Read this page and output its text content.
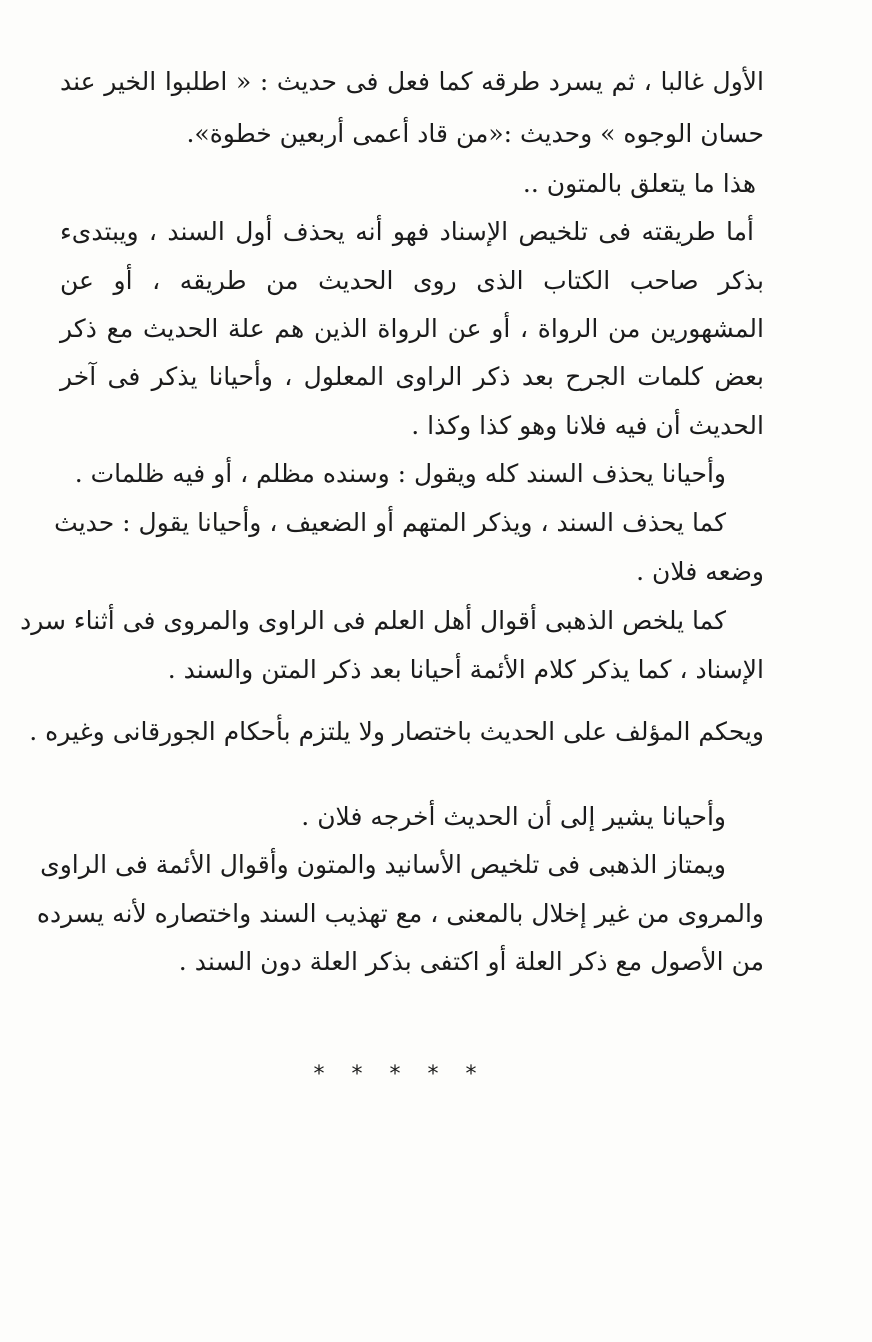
الأول غالبا ، ثم يسرد طرقه كما فعل فى حديث : « اطلبوا الخير عند
حسان الوجوه » وحديث :«من قاد أعمى أربعين خطوة».
هذا ما يتعلق بالمتون ..
أما طريقته فى تلخيص الإسناد فهو أنه يحذف أول السند ، ويبتدىء
بذكر صاحب الكتاب الذى روى الحديث من طريقه ، أو عن
المشهورين من الرواة ، أو عن الرواة الذين هم علة الحديث مع ذكر
بعض كلمات الجرح بعد ذكر الراوى المعلول ، وأحيانا يذكر فى آخر
الحديث أن فيه فلانا وهو كذا وكذا .
وأحيانا يحذف السند كله ويقول : وسنده مظلم ، أو فيه ظلمات .
كما يحذف السند ، ويذكر المتهم أو الضعيف ، وأحيانا يقول : حديث
وضعه فلان .
كما يلخص الذهبى أقوال أهل العلم فى الراوى والمروى فى أثناء سرد
الإسناد ، كما يذكر كلام الأئمة أحيانا بعد ذكر المتن والسند .
ويحكم المؤلف على الحديث باختصار ولا يلتزم بأحكام الجورقانى وغيره .
وأحيانا يشير إلى أن الحديث أخرجه فلان .
ويمتاز الذهبى فى تلخيص الأسانيد والمتون وأقوال الأئمة فى الراوى
والمروى من غير إخلال بالمعنى ، مع تهذيب السند واختصاره لأنه يسرده
من الأصول مع ذكر العلة أو اكتفى بذكر العلة دون السند .
* * * * *
